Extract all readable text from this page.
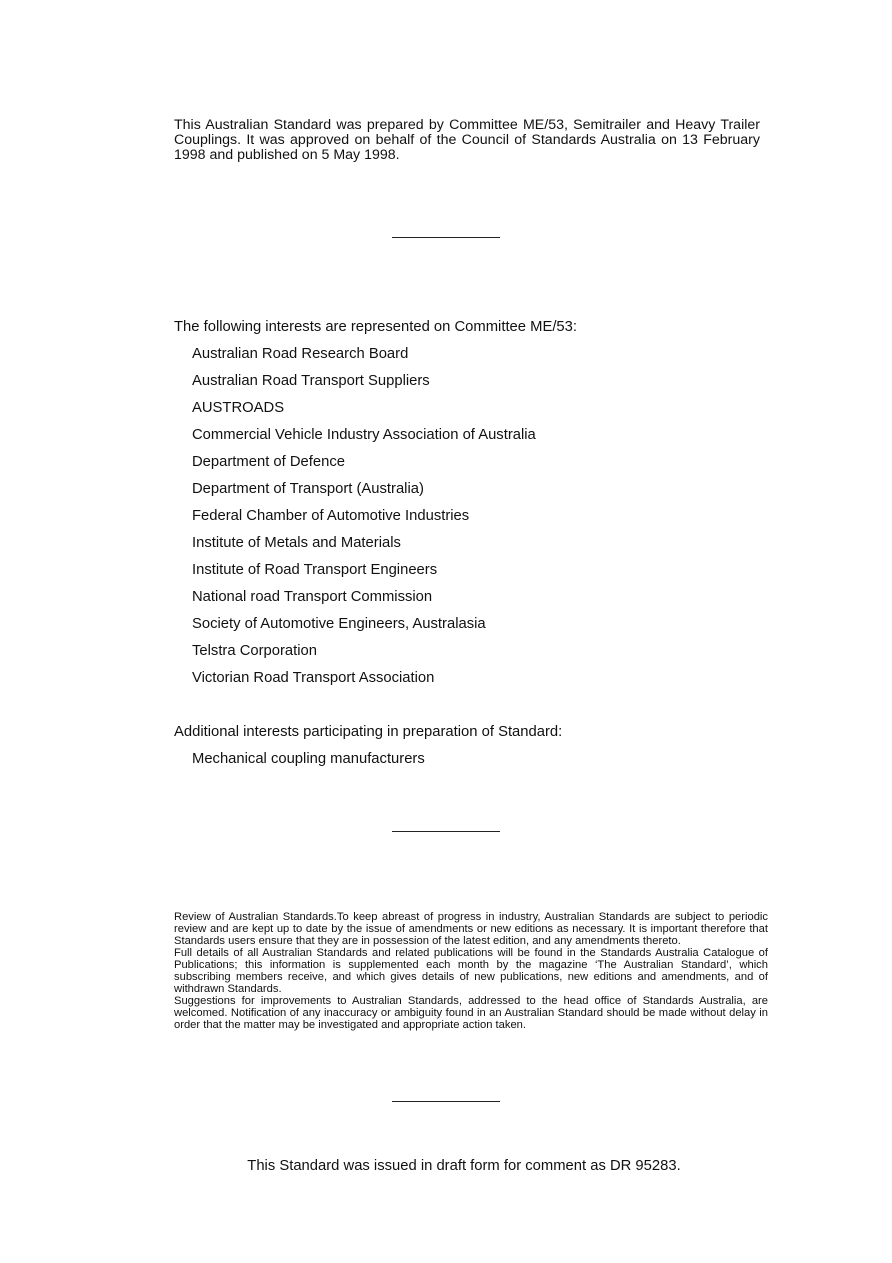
This Australian Standard was prepared by Committee ME/53, Semitrailer and Heavy Trailer Couplings. It was approved on behalf of the Council of Standards Australia on 13 February 1998 and published on 5 May 1998.

The following interests are represented on Committee ME/53:

Australian Road Research Board
Australian Road Transport Suppliers
AUSTROADS
Commercial Vehicle Industry Association of Australia
Department of Defence
Department of Transport (Australia)
Federal Chamber of Automotive Industries
Institute of Metals and Materials
Institute of Road Transport Engineers
National road Transport Commission
Society of Automotive Engineers, Australasia
Telstra Corporation
Victorian Road Transport Association

Additional interests participating in preparation of Standard:

Mechanical coupling manufacturers

Review of Australian Standards.To keep abreast of progress in industry, Australian Standards are subject to periodic review and are kept up to date by the issue of amendments or new editions as necessary. It is important therefore that Standards users ensure that they are in possession of the latest edition, and any amendments thereto.

Full details of all Australian Standards and related publications will be found in the Standards Australia Catalogue of Publications; this information is supplemented each month by the magazine ‘The Australian Standard’, which subscribing members receive, and which gives details of new publications, new editions and amendments, and of withdrawn Standards.

Suggestions for improvements to Australian Standards, addressed to the head office of Standards Australia, are welcomed. Notification of any inaccuracy or ambiguity found in an Australian Standard should be made without delay in order that the matter may be investigated and appropriate action taken.

This Standard was issued in draft form for comment as DR 95283.
